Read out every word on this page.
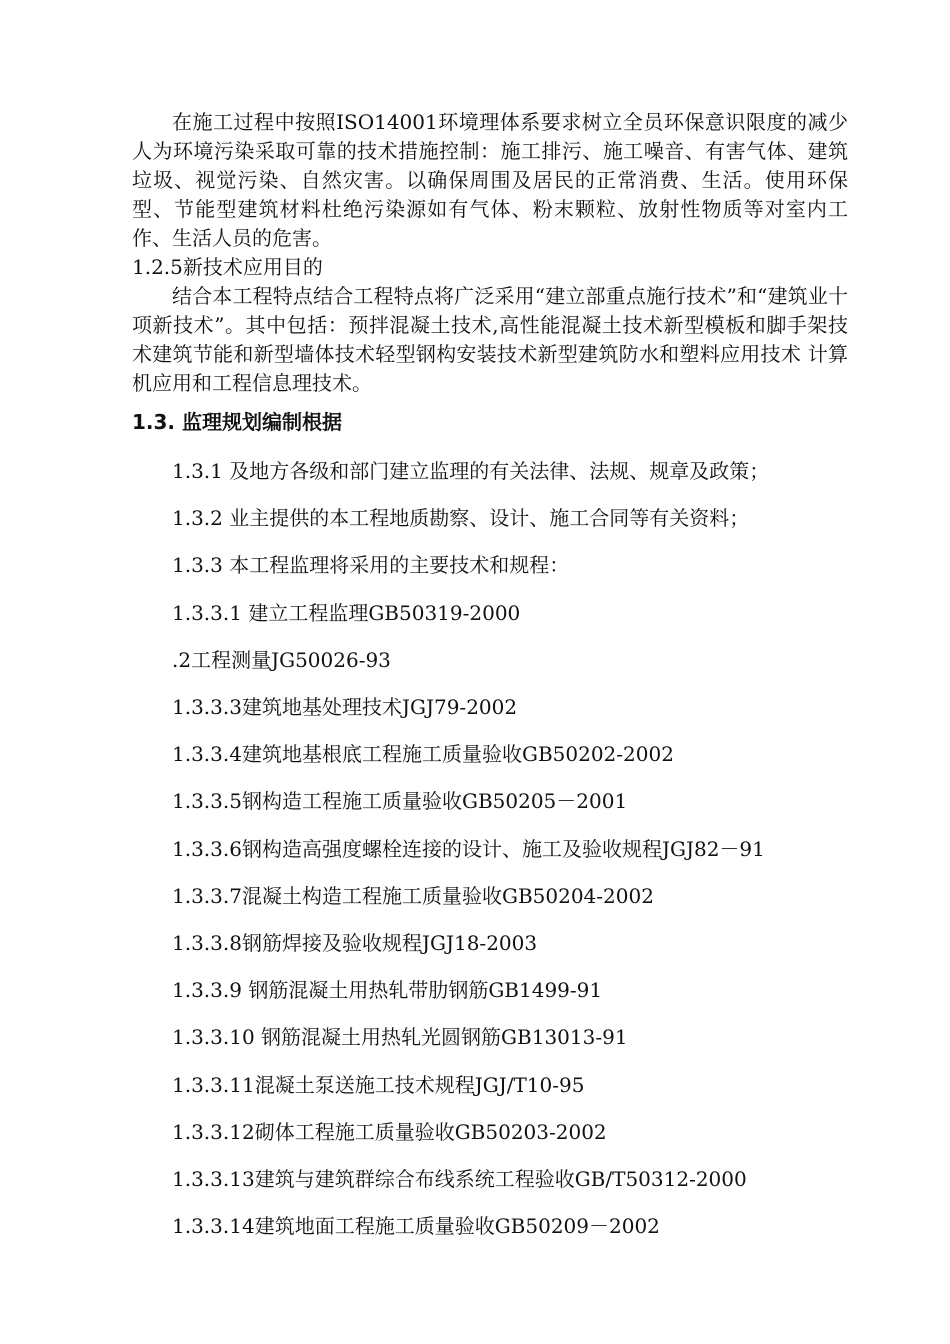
在施工过程中按照ISO14001环境理体系要求树立全员环保意识限度的减少人为环境污染采取可靠的技术措施控制：施工排污、施工噪音、有害气体、建筑垃圾、视觉污染、自然灾害。以确保周围及居民的正常消费、生活。使用环保型、节能型建筑材料杜绝污染源如有气体、粉末颗粒、放射性物质等对室内工作、生活人员的危害。

1.2.5新技术应用目的

结合本工程特点结合工程特点将广泛采用“建立部重点施行技术”和“建筑业十项新技术”。其中包括：预拌混凝土技术,高性能混凝土技术新型模板和脚手架技术建筑节能和新型墙体技术轻型钢构安装技术新型建筑防水和塑料应用技术 计算机应用和工程信息理技术。

1.3. 监理规划编制根据
1.3.1 及地方各级和部门建立监理的有关法律、法规、规章及政策；
1.3.2 业主提供的本工程地质勘察、设计、施工合同等有关资料；
1.3.3 本工程监理将采用的主要技术和规程：
1.3.3.1 建立工程监理GB50319-2000
.2工程测量JG50026-93
1.3.3.3建筑地基处理技术JGJ79-2002
1.3.3.4建筑地基根底工程施工质量验收GB50202-2002
1.3.3.5钢构造工程施工质量验收GB50205－2001
1.3.3.6钢构造高强度螺栓连接的设计、施工及验收规程JGJ82－91
1.3.3.7混凝土构造工程施工质量验收GB50204-2002
1.3.3.8钢筋焊接及验收规程JGJ18-2003
1.3.3.9 钢筋混凝土用热轧带肋钢筋GB1499-91
1.3.3.10 钢筋混凝土用热轧光圆钢筋GB13013-91
1.3.3.11混凝土泵送施工技术规程JGJ/T10-95
1.3.3.12砌体工程施工质量验收GB50203-2002
1.3.3.13建筑与建筑群综合布线系统工程验收GB/T50312-2000
1.3.3.14建筑地面工程施工质量验收GB50209－2002
